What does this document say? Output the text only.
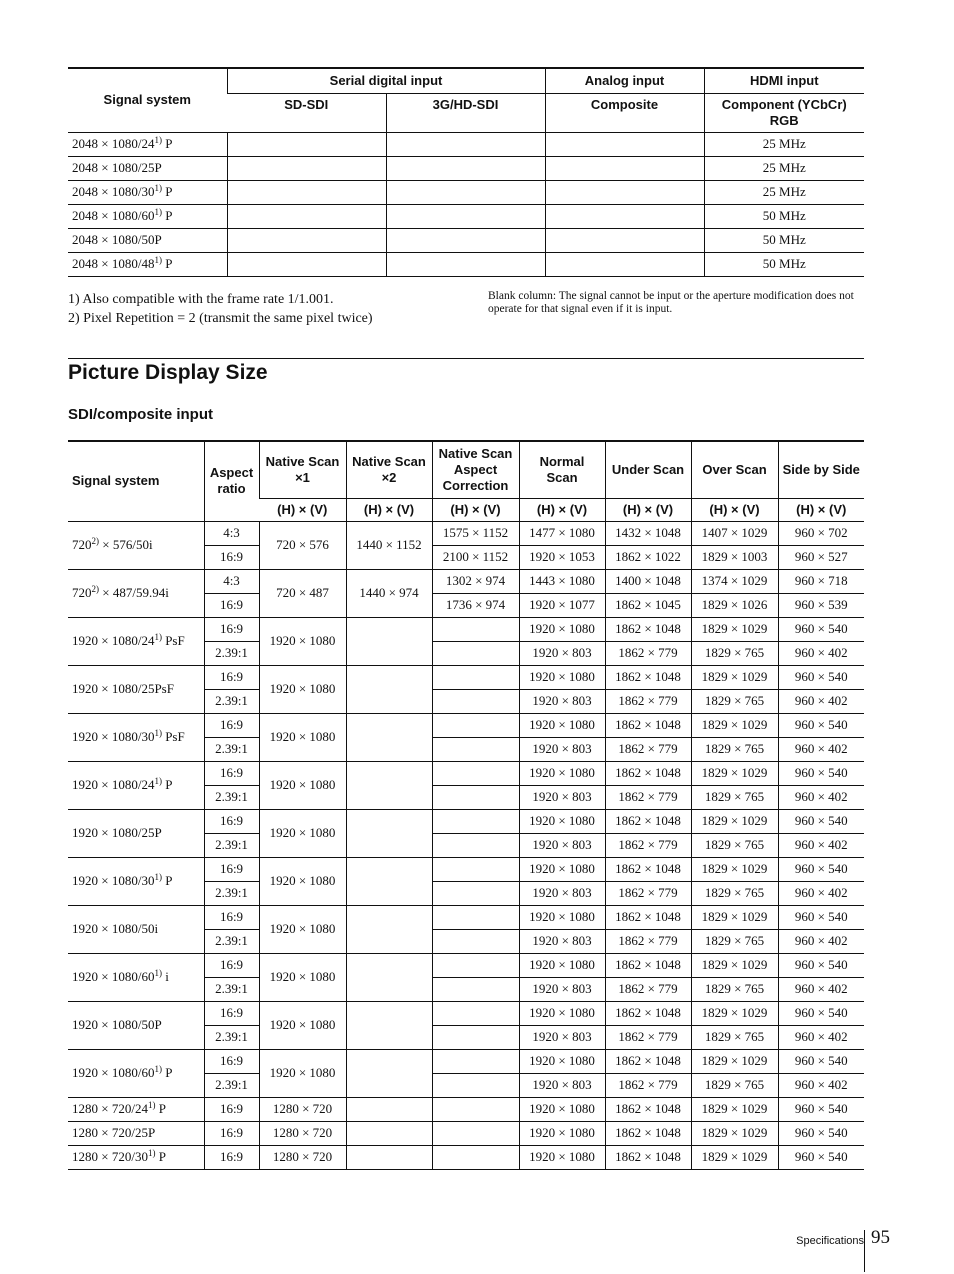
Signal system	Serial digital input		Analog input	HDMI input
	SD-SDI	3G/HD-SDI	Composite	Component (YCbCr)
RGB

$2048 \times 1080/24^{1)}$ P				25 MHz
2048 × 1080/25P				25 MHz
$2048 \times 1080/30^{1)}$ P				25 MHz
$2048 \times 1080/60^{1)}$ P				50 MHz
2048 × 1080/50P				50 MHz
$2048 \times 1080/48^{1)}$ P				50 MHz
1) Also compatible with the frame rate 1/1.001.
2) Pixel Repetition = 2 (transmit the same pixel twice)
Blank column: The signal cannot be input or the aperture modification does not operate for that signal even if it is input.
Picture Display Size
SDI/composite input
Signal system	Aspect ratio	Native Scan ×1	Native Scan ×2	Native Scan Aspect Correction	Normal Scan	Under Scan	Over Scan	Side by Side
		(H) × (V)	(H) × (V)	(H) × (V)	(H) × (V)	(H) × (V)	(H) × (V)	(H) × (V)
$720^{2)} \times 576/50i$	4:3	720 × 576	1440 × 1152	1575 × 1152	1477 × 1080	1432 × 1048	1407 × 1029	960 × 702
	16:9			2100 × 1152	1920 × 1053	1862 × 1022	1829 × 1003	960 × 527
$720^{2)} \times 487/59.94i$	4:3	720 × 487	1440 × 974	1302 × 974	1443 × 1080	1400 × 1048	1374 × 1029	960 × 718
	16:9			1736 × 974	1920 × 1077	1862 × 1045	1829 × 1026	960 × 539
$1920 \times 1080/24^{1)}$ PsF	16:9	1920 × 1080			1920 × 1080	1862 × 1048	1829 × 1029	960 × 540
	2.39:1				1920 × 803	1862 × 779	1829 × 765	960 × 402
1920 × 1080/25PsF	16:9	1920 × 1080			1920 × 1080	1862 × 1048	1829 × 1029	960 × 540
	2.39:1				1920 × 803	1862 × 779	1829 × 765	960 × 402
$1920 \times 1080/30^{1)}$ PsF	16:9	1920 × 1080			1920 × 1080	1862 × 1048	1829 × 1029	960 × 540
	2.39:1				1920 × 803	1862 × 779	1829 × 765	960 × 402
$1920 \times 1080/24^{1)}$ P	16:9	1920 × 1080			1920 × 1080	1862 × 1048	1829 × 1029	960 × 540
	2.39:1				1920 × 803	1862 × 779	1829 × 765	960 × 402
1920 × 1080/25P	16:9	1920 × 1080			1920 × 1080	1862 × 1048	1829 × 1029	960 × 540
	2.39:1				1920 × 803	1862 × 779	1829 × 765	960 × 402
$1920 \times 1080/30^{1)}$ P	16:9	1920 × 1080			1920 × 1080	1862 × 1048	1829 × 1029	960 × 540
	2.39:1				1920 × 803	1862 × 779	1829 × 765	960 × 402
1920 × 1080/50i	16:9	1920 × 1080			1920 × 1080	1862 × 1048	1829 × 1029	960 × 540
	2.39:1				1920 × 803	1862 × 779	1829 × 765	960 × 402
$1920 \times 1080/60^{1)}$ i	16:9	1920 × 1080			1920 × 1080	1862 × 1048	1829 × 1029	960 × 540
	2.39:1				1920 × 803	1862 × 779	1829 × 765	960 × 402
1920 × 1080/50P	16:9	1920 × 1080			1920 × 1080	1862 × 1048	1829 × 1029	960 × 540
	2.39:1				1920 × 803	1862 × 779	1829 × 765	960 × 402
$1920 \times 1080/60^{1)}$ P	16:9	1920 × 1080			1920 × 1080	1862 × 1048	1829 × 1029	960 × 540
	2.39:1				1920 × 803	1862 × 779	1829 × 765	960 × 402
$1280 \times 720/24^{1)}$ P	16:9	1280 × 720			1920 × 1080	1862 × 1048	1829 × 1029	960 × 540
1280 × 720/25P	16:9	1280 × 720			1920 × 1080	1862 × 1048	1829 × 1029	960 × 540
$1280 \times 720/30^{1)}$ P	16:9	1280 × 720			1920 × 1080	1862 × 1048	1829 × 1029	960 × 540
Specifications 95
